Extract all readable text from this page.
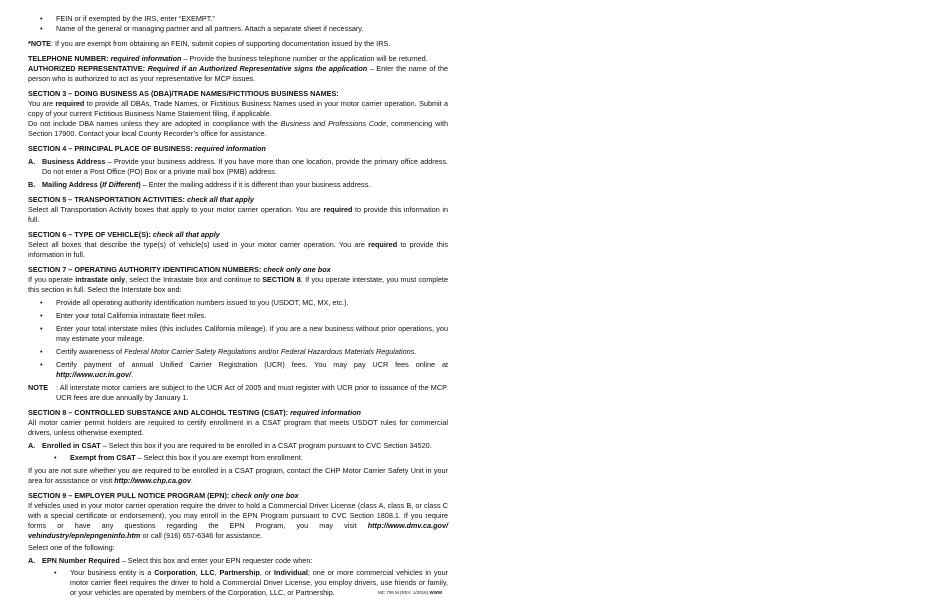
• FEIN or if exempted by the IRS, enter “EXEMPT.”
• Name of the general or managing partner and all partners. Attach a separate sheet if necessary.

*NOTE: If you are exempt from obtaining an FEIN, submit copies of supporting documentation issued by the IRS.

TELEPHONE NUMBER: required information – Provide the business telephone number or the application will be returned.

AUTHORIZED REPRESENTATIVE: Required if an Authorized Representative signs the application – Enter the name of the person who is authorized to act as your representative for MCP issues.

SECTION 3 – DOING BUSINESS AS (DBA)/TRADE NAMES/FICTITIOUS BUSINESS NAMES:

You are required to provide all DBAs, Trade Names, or Fictitious Business Names used in your motor carrier operation. Submit a copy of your current Fictitious Business Name Statement filing, if applicable.

Do not include DBA names unless they are adopted in compliance with the Business and Professions Code, commencing with Section 17900. Contact your local County Recorder’s office for assistance.

SECTION 4 – PRINCIPAL PLACE OF BUSINESS: required information

A. Business Address – Provide your business address. If you have more than one location, provide the primary office address. Do not enter a Post Office (PO) Box or a private mail box (PMB) address.

B. Mailing Address (If Different) – Enter the mailing address if it is different than your business address.

SECTION 5 – TRANSPORTATION ACTIVITIES: check all that apply

Select all Transportation Activity boxes that apply to your motor carrier operation. You are required to provide this information in full.

SECTION 6 – TYPE OF VEHICLE(S): check all that apply

Select all boxes that describe the type(s) of vehicle(s) used in your motor carrier operation. You are required to provide this information in full.

SECTION 7 – OPERATING AUTHORITY IDENTIFICATION NUMBERS: check only one box

If you operate intrastate only, select the Intrastate box and continue to SECTION 8. If you operate interstate, you must complete this section in full. Select the Interstate box and:

• Provide all operating authority identification numbers issued to you (USDOT, MC, MX, etc.).
• Enter your total California intrastate fleet miles.
• Enter your total interstate miles (this includes California mileage). If you are a new business without prior operations, you may estimate your mileage.
• Certify awareness of Federal Motor Carrier Safety Regulations and/or Federal Hazardous Materials Regulations.
• Certify payment of annual Unified Carrier Registration (UCR) fees. You may pay UCR fees online at http://www.ucr.in.gov/.

NOTE : All interstate motor carriers are subject to the UCR Act of 2005 and must register with UCR prior to issuance of the MCP. UCR fees are due annually by January 1.

SECTION 8 – CONTROLLED SUBSTANCE AND ALCOHOL TESTING (CSAT): required information

All motor carrier permit holders are required to certify enrollment in a CSAT program that meets USDOT rules for commercial drivers, unless otherwise exempted.

A. Enrolled in CSAT – Select this box if you are required to be enrolled in a CSAT program pursuant to CVC Section 34520.

• Exempt from CSAT – Select this box if you are exempt from enrollment.

If you are not sure whether you are required to be enrolled in a CSAT program, contact the CHP Motor Carrier Safety Unit in your area for assistance or visit http://www.chp.ca.gov.

SECTION 9 – EMPLOYER PULL NOTICE PROGRAM (EPN): check only one box

If vehicles used in your motor carrier operation require the driver to hold a Commercial Driver License (class A, class B, or class C with a special certificate or endorsement), you may enroll in the EPN Program pursuant to CVC Section 1808.1. If you require forms or have any questions regarding the EPN Program, you may visit http://www.dmv.ca.gov/ vehindustry/epn/epngeninfo.htm or call (916) 657-6346 for assistance.

Select one of the following:

A. EPN Number Required – Select this box and enter your EPN requester code when:

• Your business entity is a Corporation, LLC, Partnership, or Individual; one or more commercial vehicles in your motor carrier fleet requires the driver to hold a Commercial Driver License, you employ drivers, use friends or family, or your vehicles are operated by members of the Corporation, LLC, or Partnership.	MC 706 M (REV. 1/2016) WWW
